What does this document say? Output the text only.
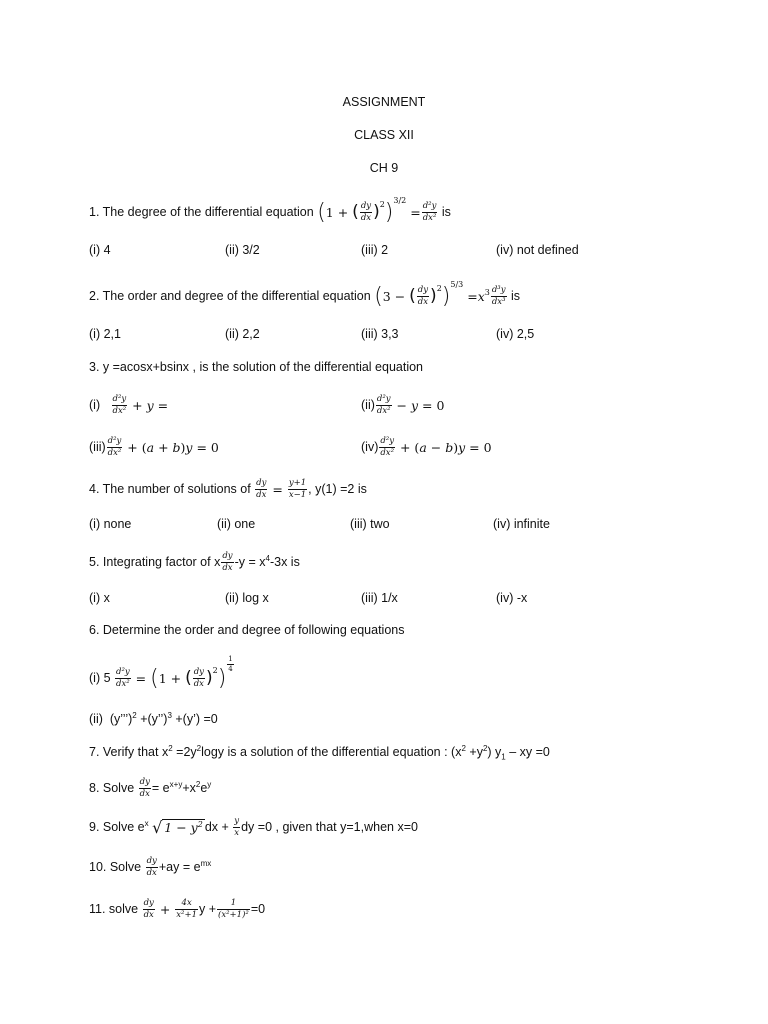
ASSIGNMENT
CLASS XII
CH 9
1. The degree of the differential equation
( 1 + ( $\frac{dy}{dx} )^2$ )$^{3/2}$
= $\frac{\text{d²y}}{\text{dx²}}$
is
(i) 4	(ii) 3/2	(iii) 2	(iv) not defined
2. The order and degree of the differential equation
( 3 − ( $\frac{dy}{dx} )^2$ )$^{5/3}$
= $x^3 \frac{\text{d³y}}{\text{dx³}}$
is
(i) 2,1	(ii) 2,2	(iii) 3,3	(iv) 2,5
3. y =acosx+bsinx , is the solution of the differential equation
(i)
$\frac{\text{d²y}}{\text{dx²}} + y$ =	$(ii) \frac{\text{d²y}}{\text{dx²}} - y = 0$
$(iii) \frac{\text{d²y}}{\text{dx²}} + (a + b)y = 0$	$(iv) \frac{\text{d²y}}{\text{dx²}} + (a - b)y = 0$
4. The number of solutions of
$\frac{dy}{dx} = \frac{y+1}{x-1}$ , y(1) =2 is
(i) none	(ii) one	(iii) two	(iv) infinite
5. Integrating factor of x $\frac{dy}{dx} -y = x^4$ -3x is
(i) x	(ii) log x	(iii) 1/x	(iv) -x
6. Determine the order and degree of following equations
(i) 5
$\frac{\text{d²y}}{\text{dx²}}$ = ( 1 + ( $\frac{dy}{dx} )^2$ )
$\frac{1}{4}$
(ii)  (y’’’)$^2$ +(y’’)$^3$ +(y’) =0
7. Verify that $x^2 =2y^2\log y$ is a solution of the differential equation : $(x^2 +y^2)$ $y_1$ – xy =0
8. Solve
$\frac{dy}{dx} = e^{x+y} +x^2$ $e^y$
9. Solve $e^x$
√ $1 - y^2$ dx +
$\frac{y}{x}$ dy =0 , given that y=1,when x=0
10. Solve
$\frac{dy}{dx} +ay = e^{mx}$
11. solve
$\frac{dy}{dx} + \frac{4x}{\text{x²+1}}$ $y + \frac{1}{\text{(x²+1)²}} =0$
